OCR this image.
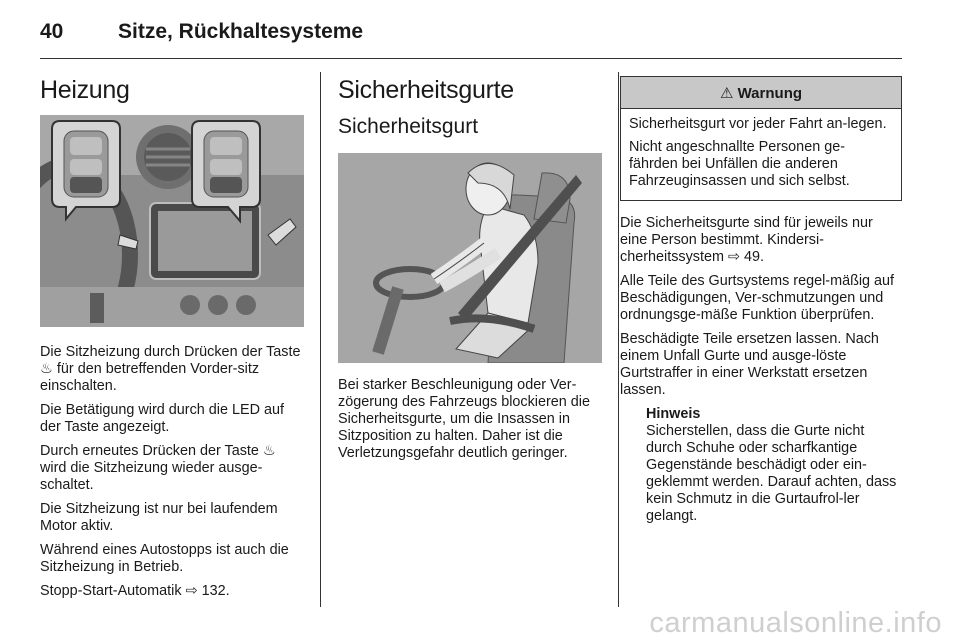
40	Sitze, Rückhaltesysteme
Heizung

Die Sitzheizung durch Drücken der Taste ♨ für den betreffenden Vorder-sitz einschalten.

Die Betätigung wird durch die LED auf der Taste angezeigt.

Durch erneutes Drücken der Taste ♨ wird die Sitzheizung wieder ausge-schaltet.

Die Sitzheizung ist nur bei laufendem Motor aktiv.

Während eines Autostopps ist auch die Sitzheizung in Betrieb.

Stopp-Start-Automatik ⇨ 132.

Sicherheitsgurte
Sicherheitsgurt

Bei starker Beschleunigung oder Ver-zögerung des Fahrzeugs blockieren die Sicherheitsgurte, um die Insassen in Sitzposition zu halten. Daher ist die Verletzungsgefahr deutlich geringer.

⚠ Warnung

Sicherheitsgurt vor jeder Fahrt an-legen.

Nicht angeschnallte Personen ge-fährden bei Unfällen die anderen Fahrzeuginsassen und sich selbst.

Die Sicherheitsgurte sind für jeweils nur eine Person bestimmt. Kindersi-cherheitssystem ⇨ 49.

Alle Teile des Gurtsystems regel-mäßig auf Beschädigungen, Ver-schmutzungen und ordnungsge-mäße Funktion überprüfen.

Beschädigte Teile ersetzen lassen. Nach einem Unfall Gurte und ausge-löste Gurtstraffer in einer Werkstatt ersetzen lassen.

Hinweis

Sicherstellen, dass die Gurte nicht durch Schuhe oder scharfkantige Gegenstände beschädigt oder ein-geklemmt werden. Darauf achten, dass kein Schmutz in die Gurtaufrol-ler gelangt.

carmanualsonline.info
